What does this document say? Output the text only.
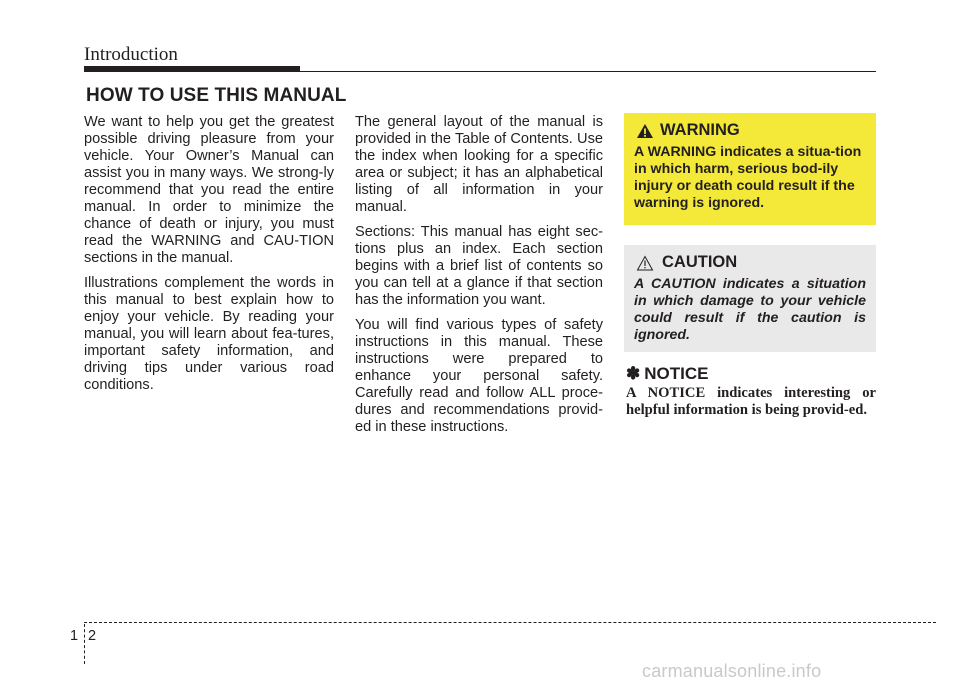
Introduction
HOW TO USE THIS MANUAL

We want to help you get the greatest possible driving pleasure from your vehicle. Your Owner’s Manual can assist you in many ways. We strong-ly recommend that you read the entire manual. In order to minimize the chance of death or injury, you must read the WARNING and CAU-TION sections in the manual.

Illustrations complement the words in this manual to best explain how to enjoy your vehicle. By reading your manual, you will learn about fea-tures, important safety information, and driving tips under various road conditions.

The general layout of the manual is provided in the Table of Contents. Use the index when looking for a specific area or subject; it has an alphabetical listing of all information in your manual.

Sections: This manual has eight sec-tions plus an index. Each section begins with a brief list of contents so you can tell at a glance if that section has the information you want.

You will find various types of safety instructions in this manual. These instructions were prepared to enhance your personal safety. Carefully read and follow ALL proce-dures and recommendations provid-ed in these instructions.

WARNING
A WARNING indicates a situa-tion in which harm, serious bod-ily injury or death could result if the warning is ignored.
CAUTION
A CAUTION indicates a situation in which damage to your vehicle could result if the caution is ignored.
✽ NOTICE
A NOTICE indicates interesting or helpful information is being provid-ed.
1 2
carmanualsonline.info
